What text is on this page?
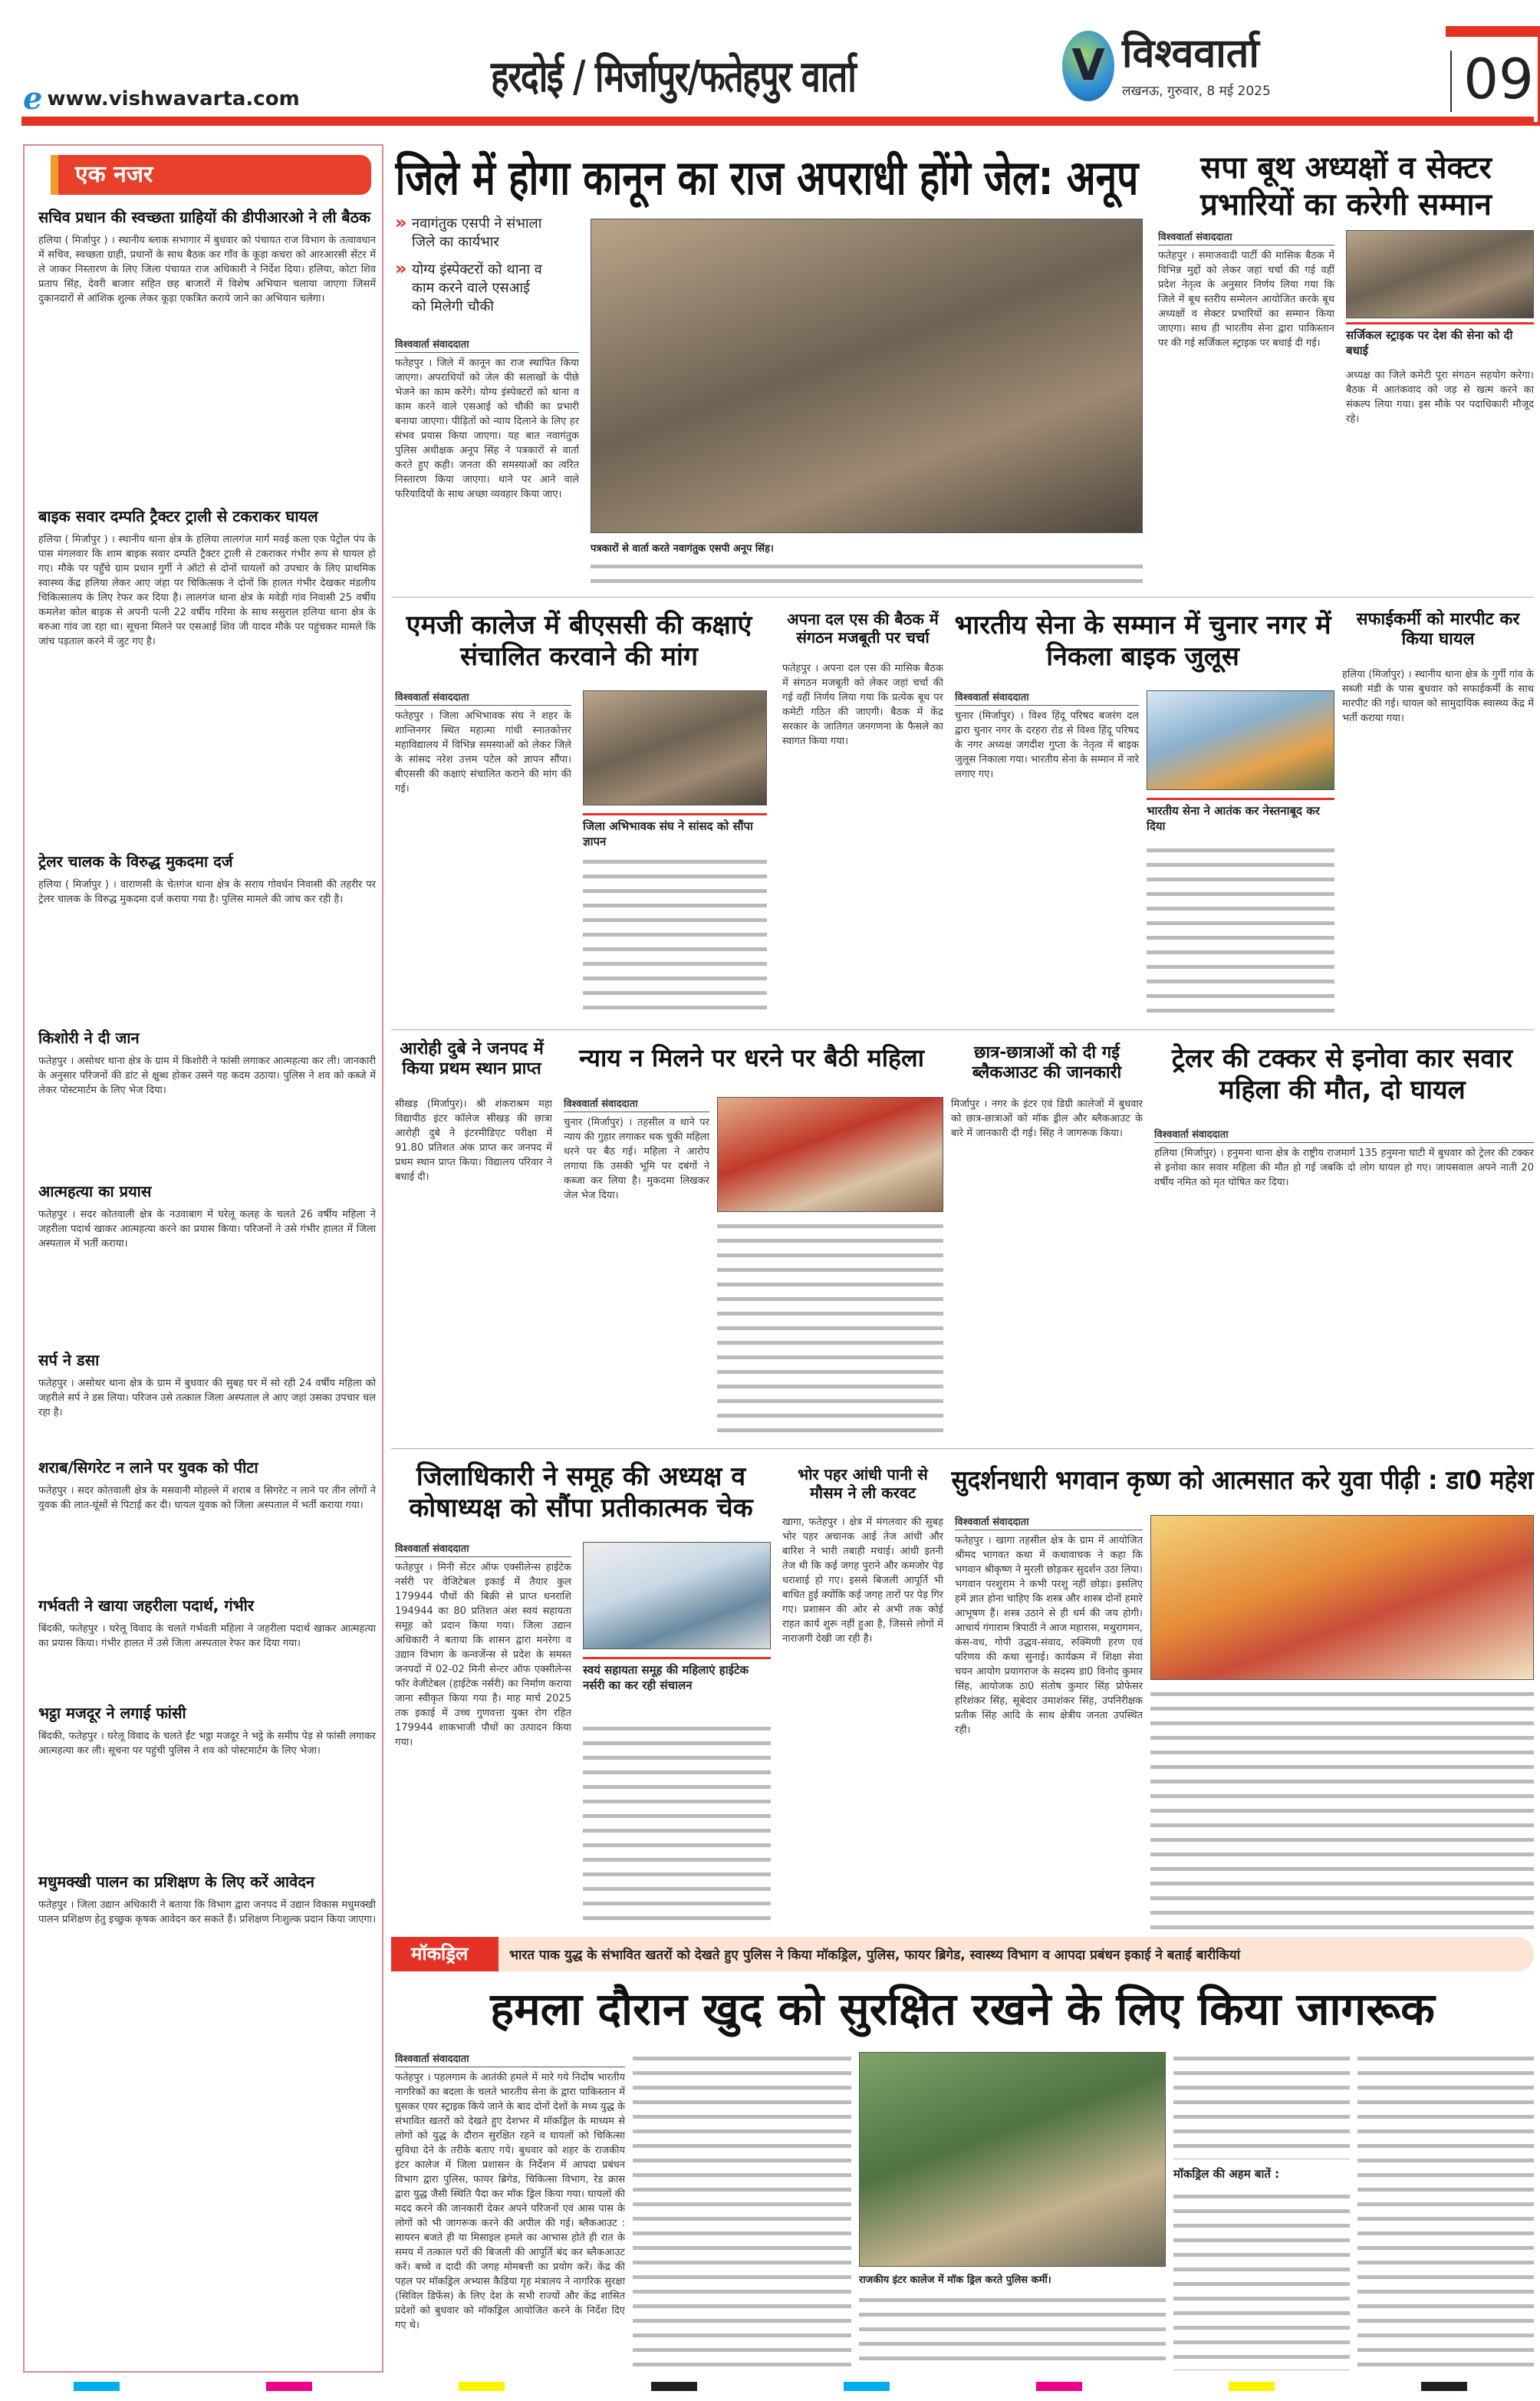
e www.vishwavarta.com	हरदोई / मिर्जापुर/फतेहपुर वार्ता	V विश्ववार्ता
लखनऊ, गुरुवार, 8 मई 2025	09
एक नजर
सचिव प्रधान की स्वच्छता ग्राहियों की डीपीआरओ ने ली बैठक
हलिया ( मिर्जापुर ) । स्थानीय ब्लाक सभागार में बुधवार को पंचायत राज विभाग के तत्वावधान में सचिव, स्वच्छता ग्राही, प्रधानों के साथ बैठक कर गाँव के कूड़ा कचरा को आरआरसी सेंटर में ले जाकर निस्तारण के लिए जिला पंचायत राज अधिकारी ने निर्देश दिया। हलिया, कोटा शिव प्रताप सिंह, देवरी बाजार सहित छह बाजारों में विशेष अभियान चलाया जाएगा जिसमें दुकानदारों से आंशिक शुल्क लेकर कूड़ा एकत्रित कराये जाने का अभियान चलेगा।
बाइक सवार दम्पति ट्रैक्टर ट्राली से टकराकर घायल
हलिया ( मिर्जापुर ) । स्थानीय थाना क्षेत्र के हलिया लालगंज मार्ग मवई कला एक पेट्रोल पंप के पास मंगलवार कि शाम बाइक सवार दम्पति ट्रैक्टर ट्राली से टकराकर गंभीर रूप से घायल हो गए। मौके पर पहुँचे ग्राम प्रधान गुर्गी ने ऑटो से दोनों घायलों को उपचार के लिए प्राथमिक स्वास्थ्य केंद्र हलिया लेकर आए जंहा पर चिकित्सक ने दोनों कि हालत गंभीर देखकर मंडलीय चिकित्सालय के लिए रेफर कर दिया है। लालगंज थाना क्षेत्र के मवेडी गांव निवासी 25 वर्षीय कमलेश कोल बाइक से अपनी पत्नी 22 वर्षीय गरिमा के साथ ससुराल हलिया थाना क्षेत्र के बरुआ गांव जा रहा था। सूचना मिलने पर एसआई शिव जी यादव मौके पर पहुंचकर मामले कि जांच पड़ताल करने में जुट गए है।
ट्रेलर चालक के विरुद्ध मुकदमा दर्ज
हलिया ( मिर्जापुर ) । वाराणसी के चेतगंज थाना क्षेत्र के सराय गोवर्धन निवासी की तहरीर पर ट्रेलर चालक के विरुद्ध मुकदमा दर्ज कराया गया है। पुलिस मामले की जांच कर रही है।
किशोरी ने दी जान
फतेहपुर । असोथर थाना क्षेत्र के ग्राम में किशोरी ने फांसी लगाकर आत्महत्या कर ली। जानकारी के अनुसार परिजनों की डांट से क्षुब्ध होकर उसने यह कदम उठाया। पुलिस ने शव को कब्जे में लेकर पोस्टमार्टम के लिए भेज दिया।
आत्महत्या का प्रयास
फतेहपुर । सदर कोतवाली क्षेत्र के नउवाबाग में घरेलू कलह के चलते 26 वर्षीय महिला ने जहरीला पदार्थ खाकर आत्महत्या करने का प्रयास किया। परिजनों ने उसे गंभीर हालत में जिला अस्पताल में भर्ती कराया।
सर्प ने डसा
फतेहपुर । असोथर थाना क्षेत्र के ग्राम में बुधवार की सुबह घर में सो रही 24 वर्षीय महिला को जहरीले सर्प ने डस लिया। परिजन उसे तत्काल जिला अस्पताल ले आए जहां उसका उपचार चल रहा है।
शराब/सिगरेट न लाने पर युवक को पीटा
फतेहपुर । सदर कोतवाली क्षेत्र के मसवानी मोहल्ले में शराब व सिगरेट न लाने पर तीन लोगों ने युवक की लात-घूंसों से पिटाई कर दी। घायल युवक को जिला अस्पताल में भर्ती कराया गया।
गर्भवती ने खाया जहरीला पदार्थ, गंभीर
बिंदकी, फतेहपुर । घरेलू विवाद के चलते गर्भवती महिला ने जहरीला पदार्थ खाकर आत्महत्या का प्रयास किया। गंभीर हालत में उसे जिला अस्पताल रेफर कर दिया गया।
भट्ठा मजदूर ने लगाई फांसी
बिंदकी, फतेहपुर । घरेलू विवाद के चलते ईंट भट्ठा मजदूर ने भट्ठे के समीप पेड़ से फांसी लगाकर आत्महत्या कर ली। सूचना पर पहुंची पुलिस ने शव को पोस्टमार्टम के लिए भेजा।
मधुमक्खी पालन का प्रशिक्षण के लिए करें आवेदन
फतेहपुर । जिला उद्यान अधिकारी ने बताया कि विभाग द्वारा जनपद में उद्यान विकास मधुमक्खी पालन प्रशिक्षण हेतु इच्छुक कृषक आवेदन कर सकते हैं। प्रशिक्षण निःशुल्क प्रदान किया जाएगा।
जिले में होगा कानून का राज अपराधी होंगे जेल: अनूप
» नवागंतुक एसपी ने संभाला जिले का कार्यभार
» योग्य इंस्पेक्टरों को थाना व काम करने वाले एसआई को मिलेगी चौकी
पत्रकारों से वार्ता करते नवागंतुक एसपी अनूप सिंह।
विश्ववार्ता संवाददाता
फतेहपुर । जिले में कानून का राज स्थापित किया जाएगा। अपराधियों को जेल की सलाखों के पीछे भेजने का काम करेंगे। योग्य इंस्पेक्टरों को थाना व काम करने वाले एसआई को चौकी का प्रभारी बनाया जाएगा। पीड़ितों को न्याय दिलाने के लिए हर संभव प्रयास किया जाएगा। यह बात नवागंतुक पुलिस अधीक्षक अनूप सिंह ने पत्रकारों से वार्ता करते हुए कही। जनता की समस्याओं का त्वरित निस्तारण किया जाएगा। थाने पर आने वाले फरियादियों के साथ अच्छा व्यवहार किया जाए।
सपा बूथ अध्यक्षों व सेक्टर प्रभारियों का करेगी सम्मान
विश्ववार्ता संवाददाता
फतेहपुर । समाजवादी पार्टी की मासिक बैठक में विभिन्न मुद्दों को लेकर जहां चर्चा की गई वहीं प्रदेश नेतृत्व के अनुसार निर्णय लिया गया कि जिले में बूथ स्तरीय सम्मेलन आयोजित करके बूथ अध्यक्षों व सेक्टर प्रभारियों का सम्मान किया जाएगा। साथ ही भारतीय सेना द्वारा पाकिस्तान पर की गई सर्जिकल स्ट्राइक पर बधाई दी गई।
सर्जिकल स्ट्राइक पर देश की सेना को दी बधाई
अध्यक्ष का जिले कमेटी पूरा संगठन सहयोग करेगा। बैठक में आतंकवाद को जड़ से खत्म करने का संकल्प लिया गया। इस मौके पर पदाधिकारी मौजूद रहे।
एमजी कालेज में बीएससी की कक्षाएं संचालित करवाने की मांग
विश्ववार्ता संवाददाता
फतेहपुर । जिला अभिभावक संघ ने शहर के शान्तिनगर स्थित महात्मा गांधी स्नातकोत्तर महाविद्यालय में विभिन्न समस्याओं को लेकर जिले के सांसद नरेश उत्तम पटेल को ज्ञापन सौंपा। बीएससी की कक्षाएं संचालित कराने की मांग की गई।
जिला अभिभावक संघ ने सांसद को सौंपा ज्ञापन
अपना दल एस की बैठक में संगठन मजबूती पर चर्चा
फतेहपुर । अपना दल एस की मासिक बैठक में संगठन मजबूती को लेकर जहां चर्चा की गई वहीं निर्णय लिया गया कि प्रत्येक बूथ पर कमेटी गठित की जाएगी। बैठक में केंद्र सरकार के जातिगत जनगणना के फैसले का स्वागत किया गया।
भारतीय सेना के सम्मान में चुनार नगर में निकला बाइक जुलूस
विश्ववार्ता संवाददाता
चुनार (मिर्जापुर) । विश्व हिंदू परिषद बजरंग दल द्वारा चुनार नगर के दरहरा रोड से विश्व हिंदू परिषद के नगर अध्यक्ष जगदीश गुप्ता के नेतृत्व में बाइक जुलूस निकाला गया। भारतीय सेना के सम्मान में नारे लगाए गए।
भारतीय सेना ने आतंक कर नेस्तनाबूद कर दिया
सफाईकर्मी को मारपीट कर किया घायल
हलिया (मिर्जापुर) । स्थानीय थाना क्षेत्र के गुर्गी गांव के सब्जी मंडी के पास बुधवार को सफाईकर्मी के साथ मारपीट की गई। घायल को सामुदायिक स्वास्थ्य केंद्र में भर्ती कराया गया।
आरोही दुबे ने जनपद में किया प्रथम स्थान प्राप्त
सीखड़ (मिर्जापुर)। श्री शंकराश्रम महा विद्यापीठ इंटर कॉलेज सीखड़ की छात्रा आरोही दुबे ने इंटरमीडिएट परीक्षा में 91.80 प्रतिशत अंक प्राप्त कर जनपद में प्रथम स्थान प्राप्त किया। विद्यालय परिवार ने बधाई दी।
न्याय न मिलने पर धरने पर बैठी महिला
विश्ववार्ता संवाददाता
चुनार (मिर्जापुर) । तहसील व थाने पर न्याय की गुहार लगाकर थक चुकी महिला धरने पर बैठ गई। महिला ने आरोप लगाया कि उसकी भूमि पर दबंगों ने कब्जा कर लिया है। मुकदमा लिखकर जेल भेज दिया।
छात्र-छात्राओं को दी गई ब्लैकआउट की जानकारी
मिर्जापुर । नगर के इंटर एवं डिग्री कालेजों में बुधवार को छात्र-छात्राओं को मॉक ड्रील और ब्लैकआउट के बारे में जानकारी दी गई। सिंह ने जागरूक किया।
ट्रेलर की टक्कर से इनोवा कार सवार महिला की मौत, दो घायल
विश्ववार्ता संवाददाता
हलिया (मिर्जापुर) । हनुमना थाना क्षेत्र के राष्ट्रीय राजमार्ग 135 हनुमना घाटी में बुधवार को ट्रेलर की टक्कर से इनोवा कार सवार महिला की मौत हो गई जबकि दो लोग घायल हो गए। जायसवाल अपने नाती 20 वर्षीय नमित को मृत घोषित कर दिया।
जिलाधिकारी ने समूह की अध्यक्ष व कोषाध्यक्ष को सौंपा प्रतीकात्मक चेक
विश्ववार्ता संवाददाता
फतेहपुर । मिनी सेंटर ऑफ एक्सीलेन्स हाईटेक नर्सरी पर वेजिटेबल इकाई में तैयार कुल 179944 पौधों की बिक्री से प्राप्त धनराशि 194944 का 80 प्रतिशत अंश स्वयं सहायता समूह को प्रदान किया गया। जिला उद्यान अधिकारी ने बताया कि शासन द्वारा मनरेगा व उद्यान विभाग के कन्वर्जेन्स से प्रदेश के समस्त जनपदों में 02-02 मिनी सेन्टर ऑफ एक्सीलेन्स फॉर वेजीटेबल (हाईटेक नर्सरी) का निर्माण कराया जाना स्वीकृत किया गया है। माह मार्च 2025 तक इकाई में उच्च गुणवत्ता युक्त रोग रहित 179944 शाकभाजी पौधों का उत्पादन किया गया।
स्वयं सहायता समूह की महिलाएं हाईटेक नर्सरी का कर रही संचालन
भोर पहर आंधी पानी से मौसम ने ली करवट
खागा, फतेहपुर । क्षेत्र में मंगलवार की सुबह भोर पहर अचानक आई तेज आंधी और बारिश ने भारी तबाही मचाई। आंधी इतनी तेज थी कि कई जगह पुराने और कमजोर पेड़ धराशाई हो गए। इससे बिजली आपूर्ति भी बाधित हुई क्योंकि कई जगह तारों पर पेड़ गिर गए। प्रशासन की ओर से अभी तक कोई राहत कार्य शुरू नहीं हुआ है, जिससे लोगों में नाराजगी देखी जा रही है।
सुदर्शनधारी भगवान कृष्ण को आत्मसात करे युवा पीढ़ी : डा0 महेश
विश्ववार्ता संवाददाता
फतेहपुर । खागा तहसील क्षेत्र के ग्राम में आयोजित श्रीमद भागवत कथा में कथावाचक ने कहा कि भगवान श्रीकृष्ण ने मुरली छोड़कर सुदर्शन उठा लिया। भगवान परशुराम ने कभी परशु नहीं छोड़ा। इसलिए हमें ज्ञात होना चाहिए कि शस्त्र और शास्त्र दोनों हमारे आभूषण हैं। शस्त्र उठाने से ही धर्म की जय होगी। आचार्य गंगाराम त्रिपाठी ने आज महारास, मथुरागमन, कंस-वध, गोपी उद्धव-संवाद, रुक्मिणी हरण एवं परिणय की कथा सुनाई। कार्यक्रम में शिक्षा सेवा चयन आयोग प्रयागराज के सदस्य डा0 विनोद कुमार सिंह, आयोजक ठा0 संतोष कुमार सिंह प्रोफेसर हरिशंकर सिंह, सूबेदार उमाशंकर सिंह, उपनिरीक्षक प्रतीक सिंह आदि के साथ क्षेत्रीय जनता उपस्थित रही।
मॉकड्रिल	भारत पाक युद्ध के संभावित खतरों को देखते हुए पुलिस ने किया मॉकड्रिल, पुलिस, फायर ब्रिगेड, स्वास्थ्य विभाग व आपदा प्रबंधन इकाई ने बताई बारीकियां
हमला दौरान खुद को सुरक्षित रखने के लिए किया जागरूक
विश्ववार्ता संवाददाता
फतेहपुर । पहलगाम के आतंकी हमले में मारे गये निर्दोष भारतीय नागरिकों का बदला के चलते भारतीय सेना के द्वारा पाकिस्तान में घुसकर एयर स्ट्राइक किये जाने के बाद दोनों देशों के मध्य युद्ध के संभावित खतरों को देखते हुए देशभर में मॉकड्रिल के माध्यम से लोगों को युद्ध के दौरान सुरक्षित रहने व घायलों को चिकित्सा सुविधा देने के तरीके बताए गये। बुधवार को शहर के राजकीय इंटर कालेज में जिला प्रशासन के निर्देशन में आपदा प्रबंधन विभाग द्वारा पुलिस, फायर ब्रिगेड, चिकित्सा विभाग, रेड क्रास द्वारा युद्ध जैसी स्थिति पैदा कर मॉक ड्रिल किया गया। घायलों की मदद करने की जानकारी देकर अपने परिजनों एवं आस पास के लोगों को भी जागरूक करने की अपील की गई। ब्लैकआउट : सायरन बजते ही या मिसाइल हमले का आभास होते ही रात के समय में तत्काल घरों की बिजली की आपूर्ति बंद कर ब्लैकआउट करें। बच्चे व दादी की जगह मोमबत्ती का प्रयोग करें। केंद्र की पहल पर मॉकड्रिल अभ्यास कैडिया गृह मंत्रालय ने नागरिक सुरक्षा (सिविल डिफेंस) के लिए देश के सभी राज्यों और केंद्र शासित प्रदेशों को बुधवार को मॉकड्रिल आयोजित करने के निर्देश दिए गए थे।
राजकीय इंटर कालेज में मॉक ड्रिल करते पुलिस कर्मी।
मॉकड्रिल की अहम बातें :
